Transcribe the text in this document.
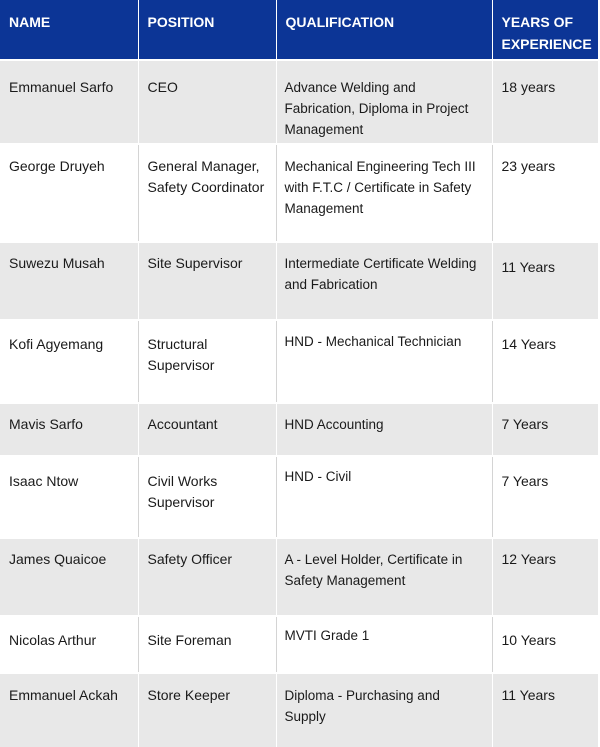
NAME	POSITION	QUALIFICATION	YEARS OF EXPERIENCE
Emmanuel Sarfo	CEO	Advance Welding and Fabrication, Diploma in Project Management	18 years
George Druyeh	General Manager, Safety Coordinator	Mechanical Engineering Tech III with F.T.C / Certificate in Safety Management	23 years
Suwezu Musah	Site Supervisor	Intermediate Certificate Welding and Fabrication	11 Years
Kofi Agyemang	Structural Supervisor	HND - Mechanical Technician	14 Years
Mavis Sarfo	Accountant	HND Accounting	7 Years
Isaac Ntow	Civil Works Supervisor	HND - Civil	7 Years
James Quaicoe	Safety Officer	A - Level Holder, Certificate in Safety Management	12 Years
Nicolas Arthur	Site Foreman	MVTI Grade 1	10 Years
Emmanuel Ackah	Store Keeper	Diploma - Purchasing and Supply	11 Years
